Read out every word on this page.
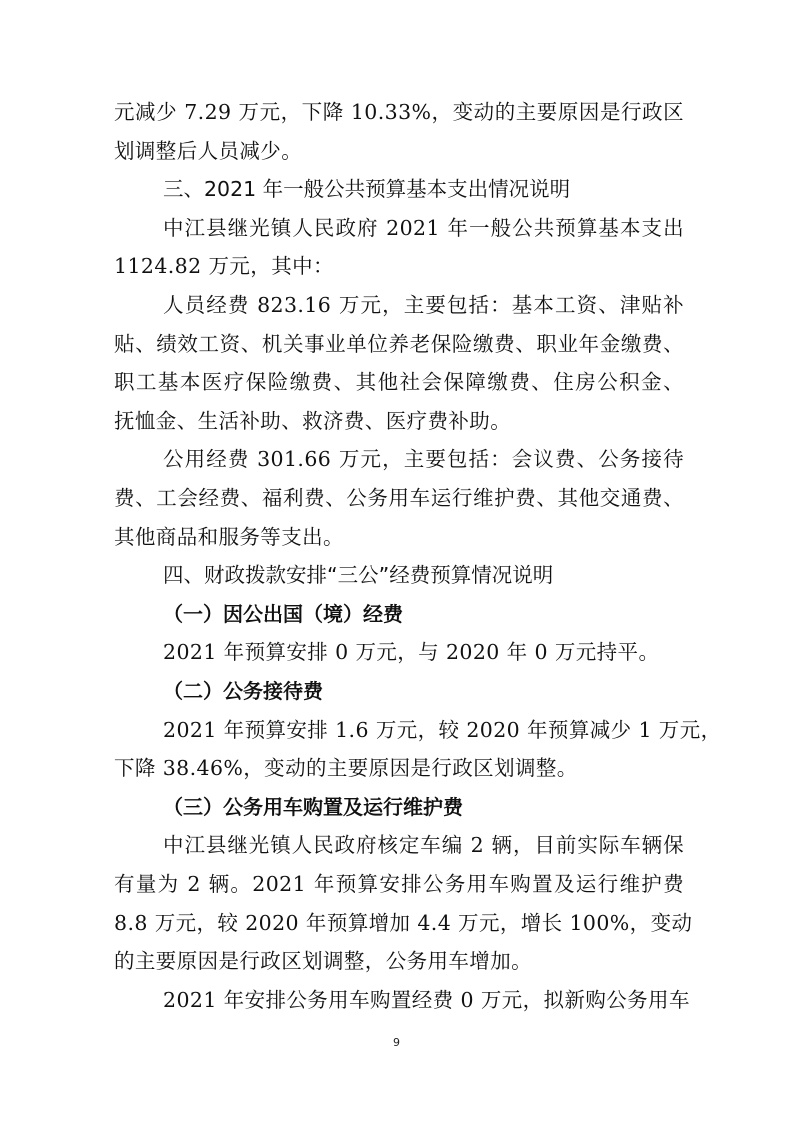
元减少 7.29 万元，下降 10.33%，变动的主要原因是行政区
划调整后人员减少。
三、2021 年一般公共预算基本支出情况说明
中江县继光镇人民政府 2021 年一般公共预算基本支出
1124.82 万元，其中：
人员经费 823.16 万元，主要包括：基本工资、津贴补
贴、绩效工资、机关事业单位养老保险缴费、职业年金缴费、
职工基本医疗保险缴费、其他社会保障缴费、住房公积金、
抚恤金、生活补助、救济费、医疗费补助。
公用经费 301.66 万元，主要包括：会议费、公务接待
费、工会经费、福利费、公务用车运行维护费、其他交通费、
其他商品和服务等支出。
四、财政拨款安排“三公”经费预算情况说明
（一）因公出国（境）经费
2021 年预算安排 0 万元，与 2020 年 0 万元持平。
（二）公务接待费
2021 年预算安排 1.6 万元，较 2020 年预算减少 1 万元，
下降 38.46%，变动的主要原因是行政区划调整。
（三）公务用车购置及运行维护费
中江县继光镇人民政府核定车编 2 辆，目前实际车辆保
有量为 2 辆。2021 年预算安排公务用车购置及运行维护费
8.8 万元，较 2020 年预算增加 4.4 万元，增长 100%，变动
的主要原因是行政区划调整，公务用车增加。
2021 年安排公务用车购置经费 0 万元，拟新购公务用车
9
